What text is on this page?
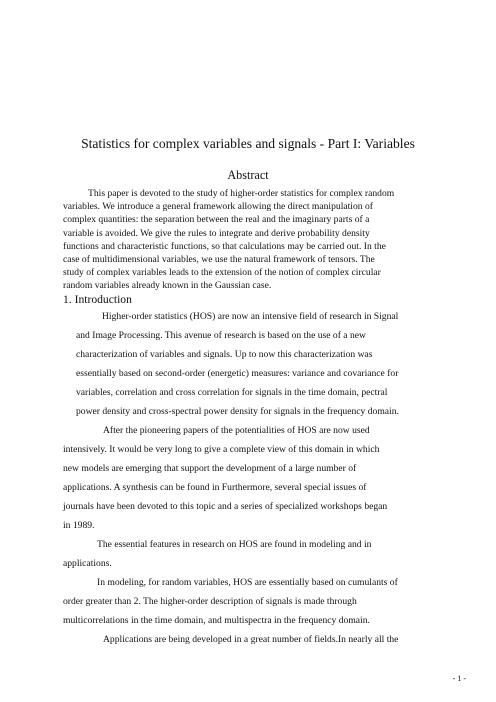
Statistics for complex variables and signals - Part I: Variables
Abstract
This paper is devoted to the study of higher-order statistics for complex random
variables. We introduce a general framework allowing the direct manipulation of
complex quantities: the separation between the real and the imaginary parts of a
variable is avoided. We give the rules to integrate and derive probability density
functions and characteristic functions, so that calculations may be carried out. In the
case of multidimensional variables, we use the natural framework of tensors. The
study of complex variables leads to the extension of the notion of complex circular
random variables already known in the Gaussian case.
1. Introduction
Higher-order statistics (HOS) are now an intensive field of research in Signal
and Image Processing. This avenue of research is based on the use of a new
characterization of variables and signals. Up to now this characterization was
essentially based on second-order (energetic) measures: variance and covariance for
variables, correlation and cross correlation for signals in the time domain, pectral
power density and cross-spectral power density for signals in the frequency domain.
After the pioneering papers of the potentialities of HOS are now used
intensively. It would be very long to give a complete view of this domain in which
new models are emerging that support the development of a large number of
applications. A synthesis can be found in Furthermore, several special issues of
journals have been devoted to this topic and a series of specialized workshops began
in 1989.
The essential features in research on HOS are found in modeling and in
applications.
In modeling, for random variables, HOS are essentially based on cumulants of
order greater than 2. The higher-order description of signals is made through
multicorrelations in the time domain, and multispectra in the frequency domain.
Applications are being developed in a great number of fields.In nearly all the
- 1 -
